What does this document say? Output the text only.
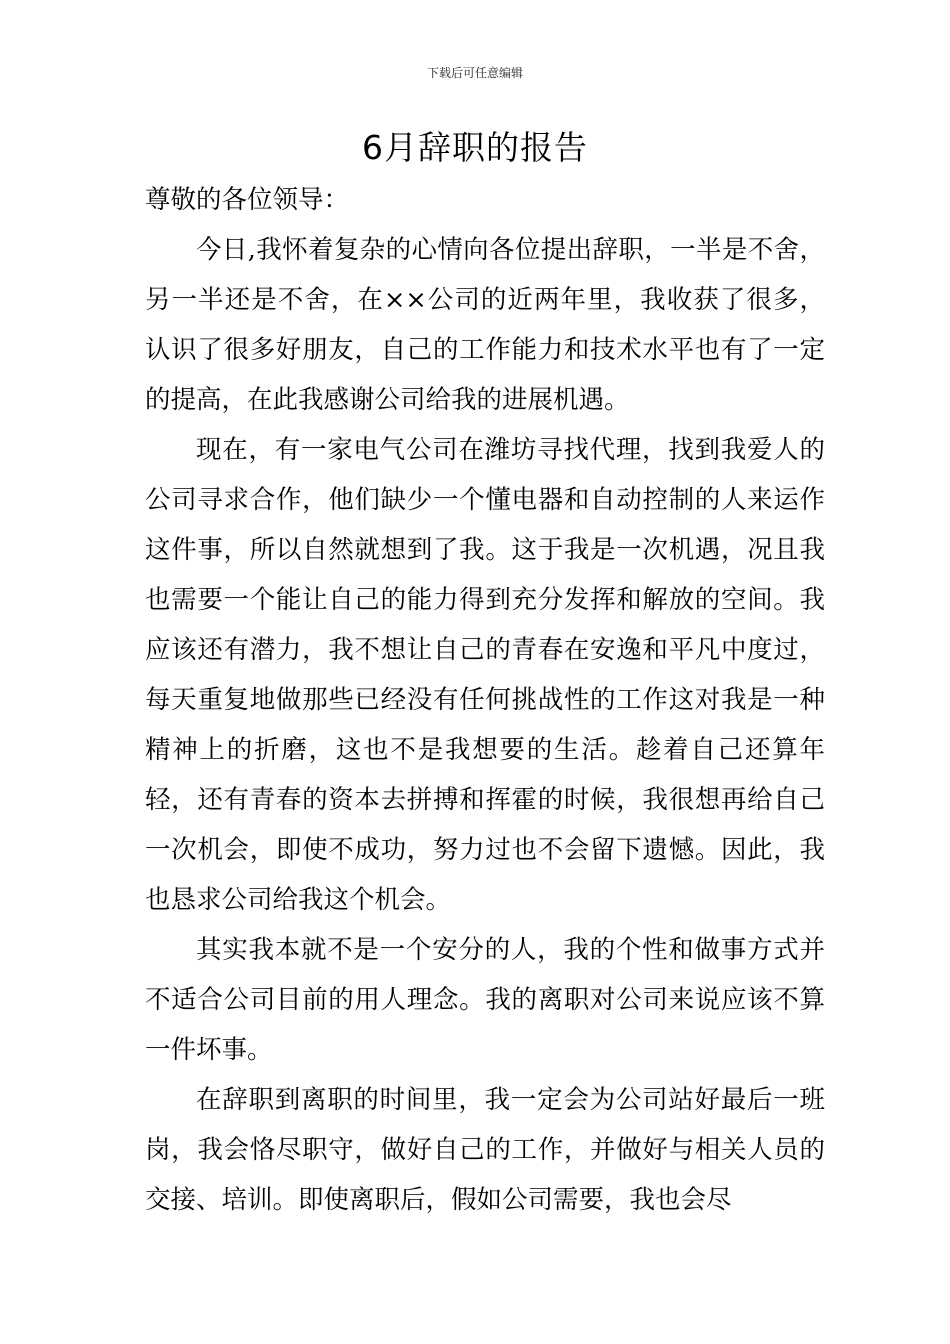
下载后可任意编辑
6月辞职的报告

尊敬的各位领导：

今日,我怀着复杂的心情向各位提出辞职，一半是不舍，另一半还是不舍，在××公司的近两年里，我收获了很多，认识了很多好朋友，自己的工作能力和技术水平也有了一定的提高，在此我感谢公司给我的进展机遇。

现在，有一家电气公司在潍坊寻找代理，找到我爱人的公司寻求合作，他们缺少一个懂电器和自动控制的人来运作这件事，所以自然就想到了我。这于我是一次机遇，况且我也需要一个能让自己的能力得到充分发挥和解放的空间。我应该还有潜力，我不想让自己的青春在安逸和平凡中度过，每天重复地做那些已经没有任何挑战性的工作这对我是一种精神上的折磨，这也不是我想要的生活。趁着自己还算年轻，还有青春的资本去拼搏和挥霍的时候，我很想再给自己一次机会，即使不成功，努力过也不会留下遗憾。因此，我也恳求公司给我这个机会。

其实我本就不是一个安分的人，我的个性和做事方式并不适合公司目前的用人理念。我的离职对公司来说应该不算一件坏事。

在辞职到离职的时间里，我一定会为公司站好最后一班岗，我会恪尽职守，做好自己的工作，并做好与相关人员的交接、培训。即使离职后，假如公司需要，我也会尽
